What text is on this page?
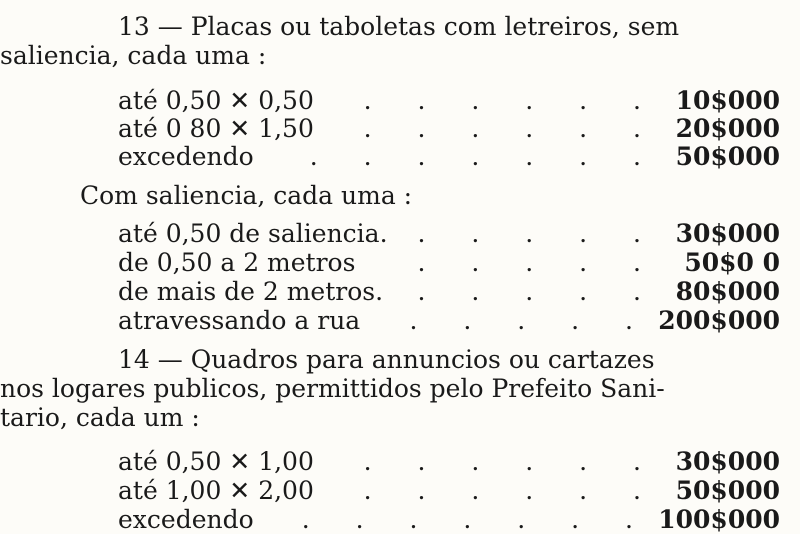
13 — Placas ou taboletas com letreiros, sem
saliencia, cada uma :
até 0,50 ✕ 0,50 . . . . . . 10$000
até 0 80 ✕ 1,50 . . . . . . 20$000
excedendo . . . . . . . 50$000
Com saliencia, cada uma :
até 0,50 de saliencia. . . . . . 30$000
de 0,50 a 2 metros . . . . . 50$0 0
de mais de 2 metros. . . . . . 80$000
atravessando a rua . . . . . 200$000
14 — Quadros para annuncios ou cartazes
nos logares publicos, permittidos pelo Prefeito Sani-
tario, cada um :
até 0,50 ✕ 1,00 . . . . . . 30$000
até 1,00 ✕ 2,00 . . . . . . 50$000
excedendo . . . . . . . 100$000
